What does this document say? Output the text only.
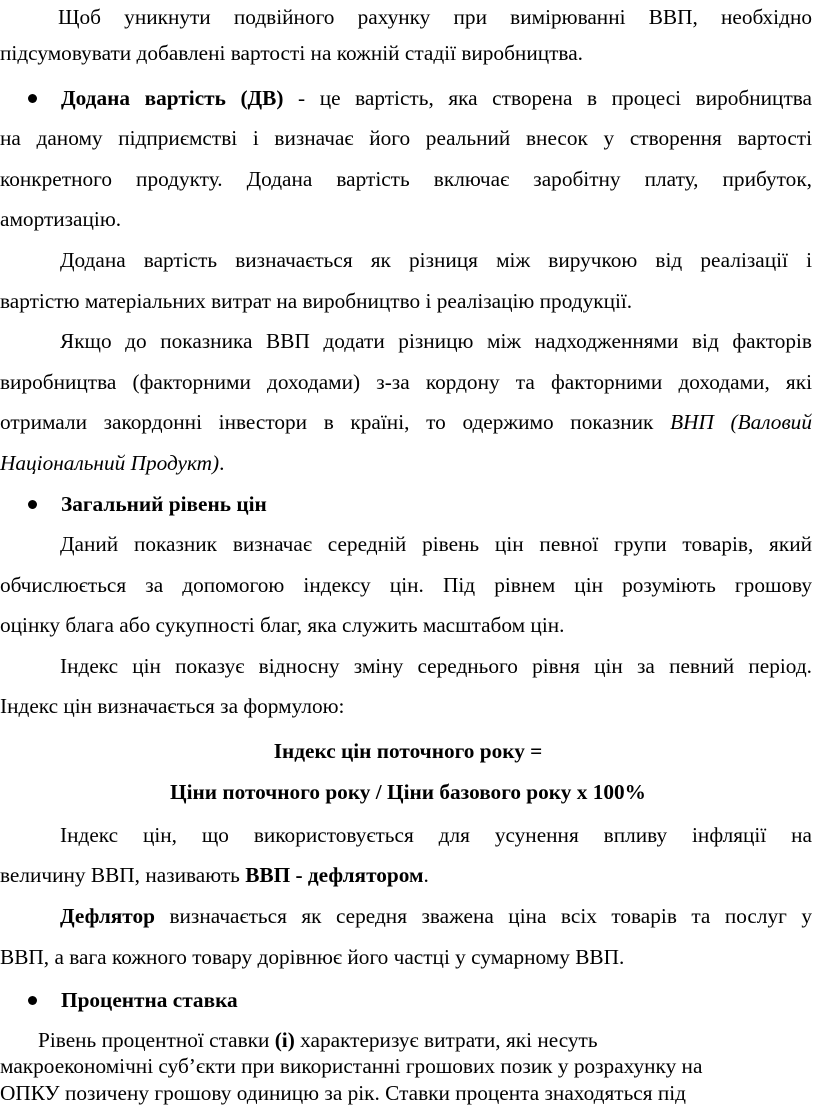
Щоб уникнути подвійного рахунку при вимірюванні ВВП, необхідно
підсумовувати добавлені вартості на кожній стадії виробництва.
Додана вартість (ДВ) - це вартість, яка створена в процесі виробництва
на даному підприємстві і визначає його реальний внесок у створення вартості
конкретного продукту. Додана вартість включає заробітну плату, прибуток,
амортизацію.
Додана вартість визначається як різниця між виручкою від реалізації і
вартістю матеріальних витрат на виробництво і реалізацію продукції.
Якщо до показника ВВП додати різницю між надходженнями від факторів
виробництва (факторними доходами) з-за кордону та факторними доходами, які
отримали закордонні інвестори в країні, то одержимо показник ВНП (Валовий
Національний Продукт).
Загальний рівень цін
Даний показник визначає середній рівень цін певної групи товарів, який
обчислюється за допомогою індексу цін. Під рівнем цін розуміють грошову
оцінку блага або сукупності благ, яка служить масштабом цін.
Індекс цін показує відносну зміну середнього рівня цін за певний період.
Індекс цін визначається за формулою:
Індекс цін поточного року =
Ціни поточного року / Ціни базового року х 100%
Індекс цін, що використовується для усунення впливу інфляції на
величину ВВП, називають ВВП - дефлятором.
Дефлятор визначається як середня зважена ціна всіх товарів та послуг у
ВВП, а вага кожного товару дорівнює його частці у сумарному ВВП.
Процентна ставка
Рівень процентної ставки (і) характеризує витрати, які несуть
макроекономічні суб’єкти при використанні грошових позик у розрахунку на
ОПКУ позичену грошову одиницю за рік. Ставки процента знаходяться під
